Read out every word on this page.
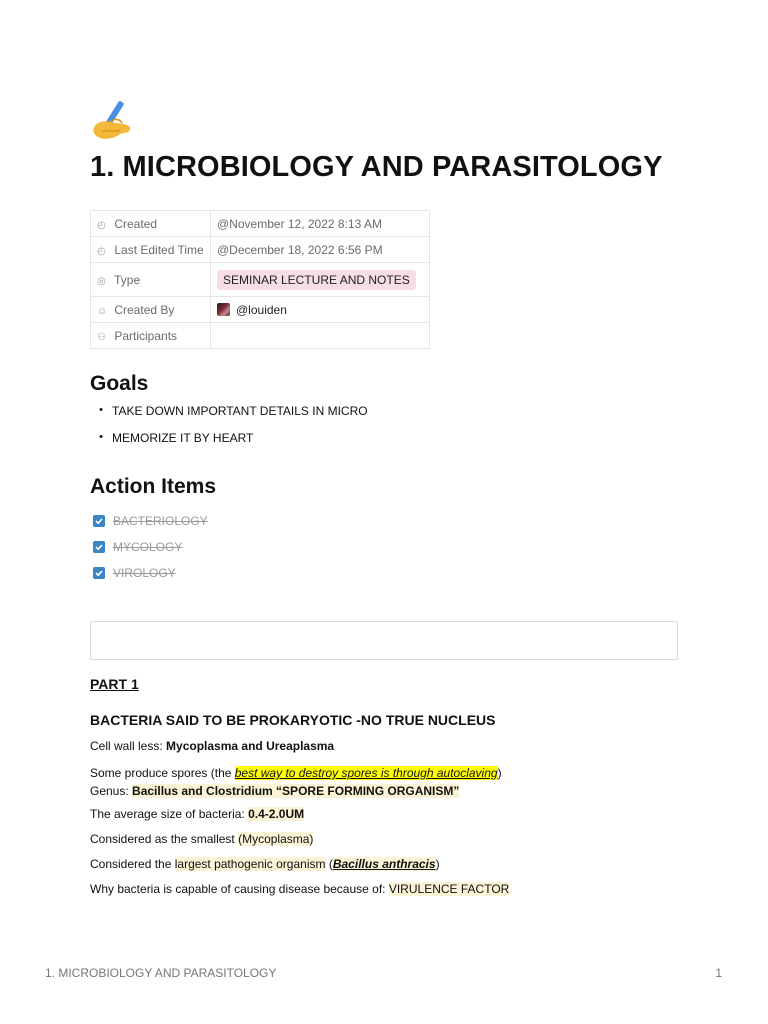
1. MICROBIOLOGY AND PARASITOLOGY
◴ Created	@November 12, 2022 8:13 AM
◴ Last Edited Time	@December 18, 2022 6:56 PM
◎ Type	SEMINAR LECTURE AND NOTES
☺ Created By	@louiden
⚇ Participants	
Goals
• TAKE DOWN IMPORTANT DETAILS IN MICRO
• MEMORIZE IT BY HEART
Action Items
BACTERIOLOGY
MYCOLOGY
VIROLOGY
PART 1
BACTERIA SAID TO BE PROKARYOTIC -NO TRUE NUCLEUS
Cell wall less: Mycoplasma and Ureaplasma
Some produce spores (the best way to destroy spores is through autoclaving)
Genus: Bacillus and Clostridium “SPORE FORMING ORGANISM”
The average size of bacteria: 0.4-2.0UM
Considered as the smallest (Mycoplasma)
Considered the largest pathogenic organism (Bacillus anthracis)
Why bacteria is capable of causing disease because of: VIRULENCE FACTOR
1. MICROBIOLOGY AND PARASITOLOGY	1
